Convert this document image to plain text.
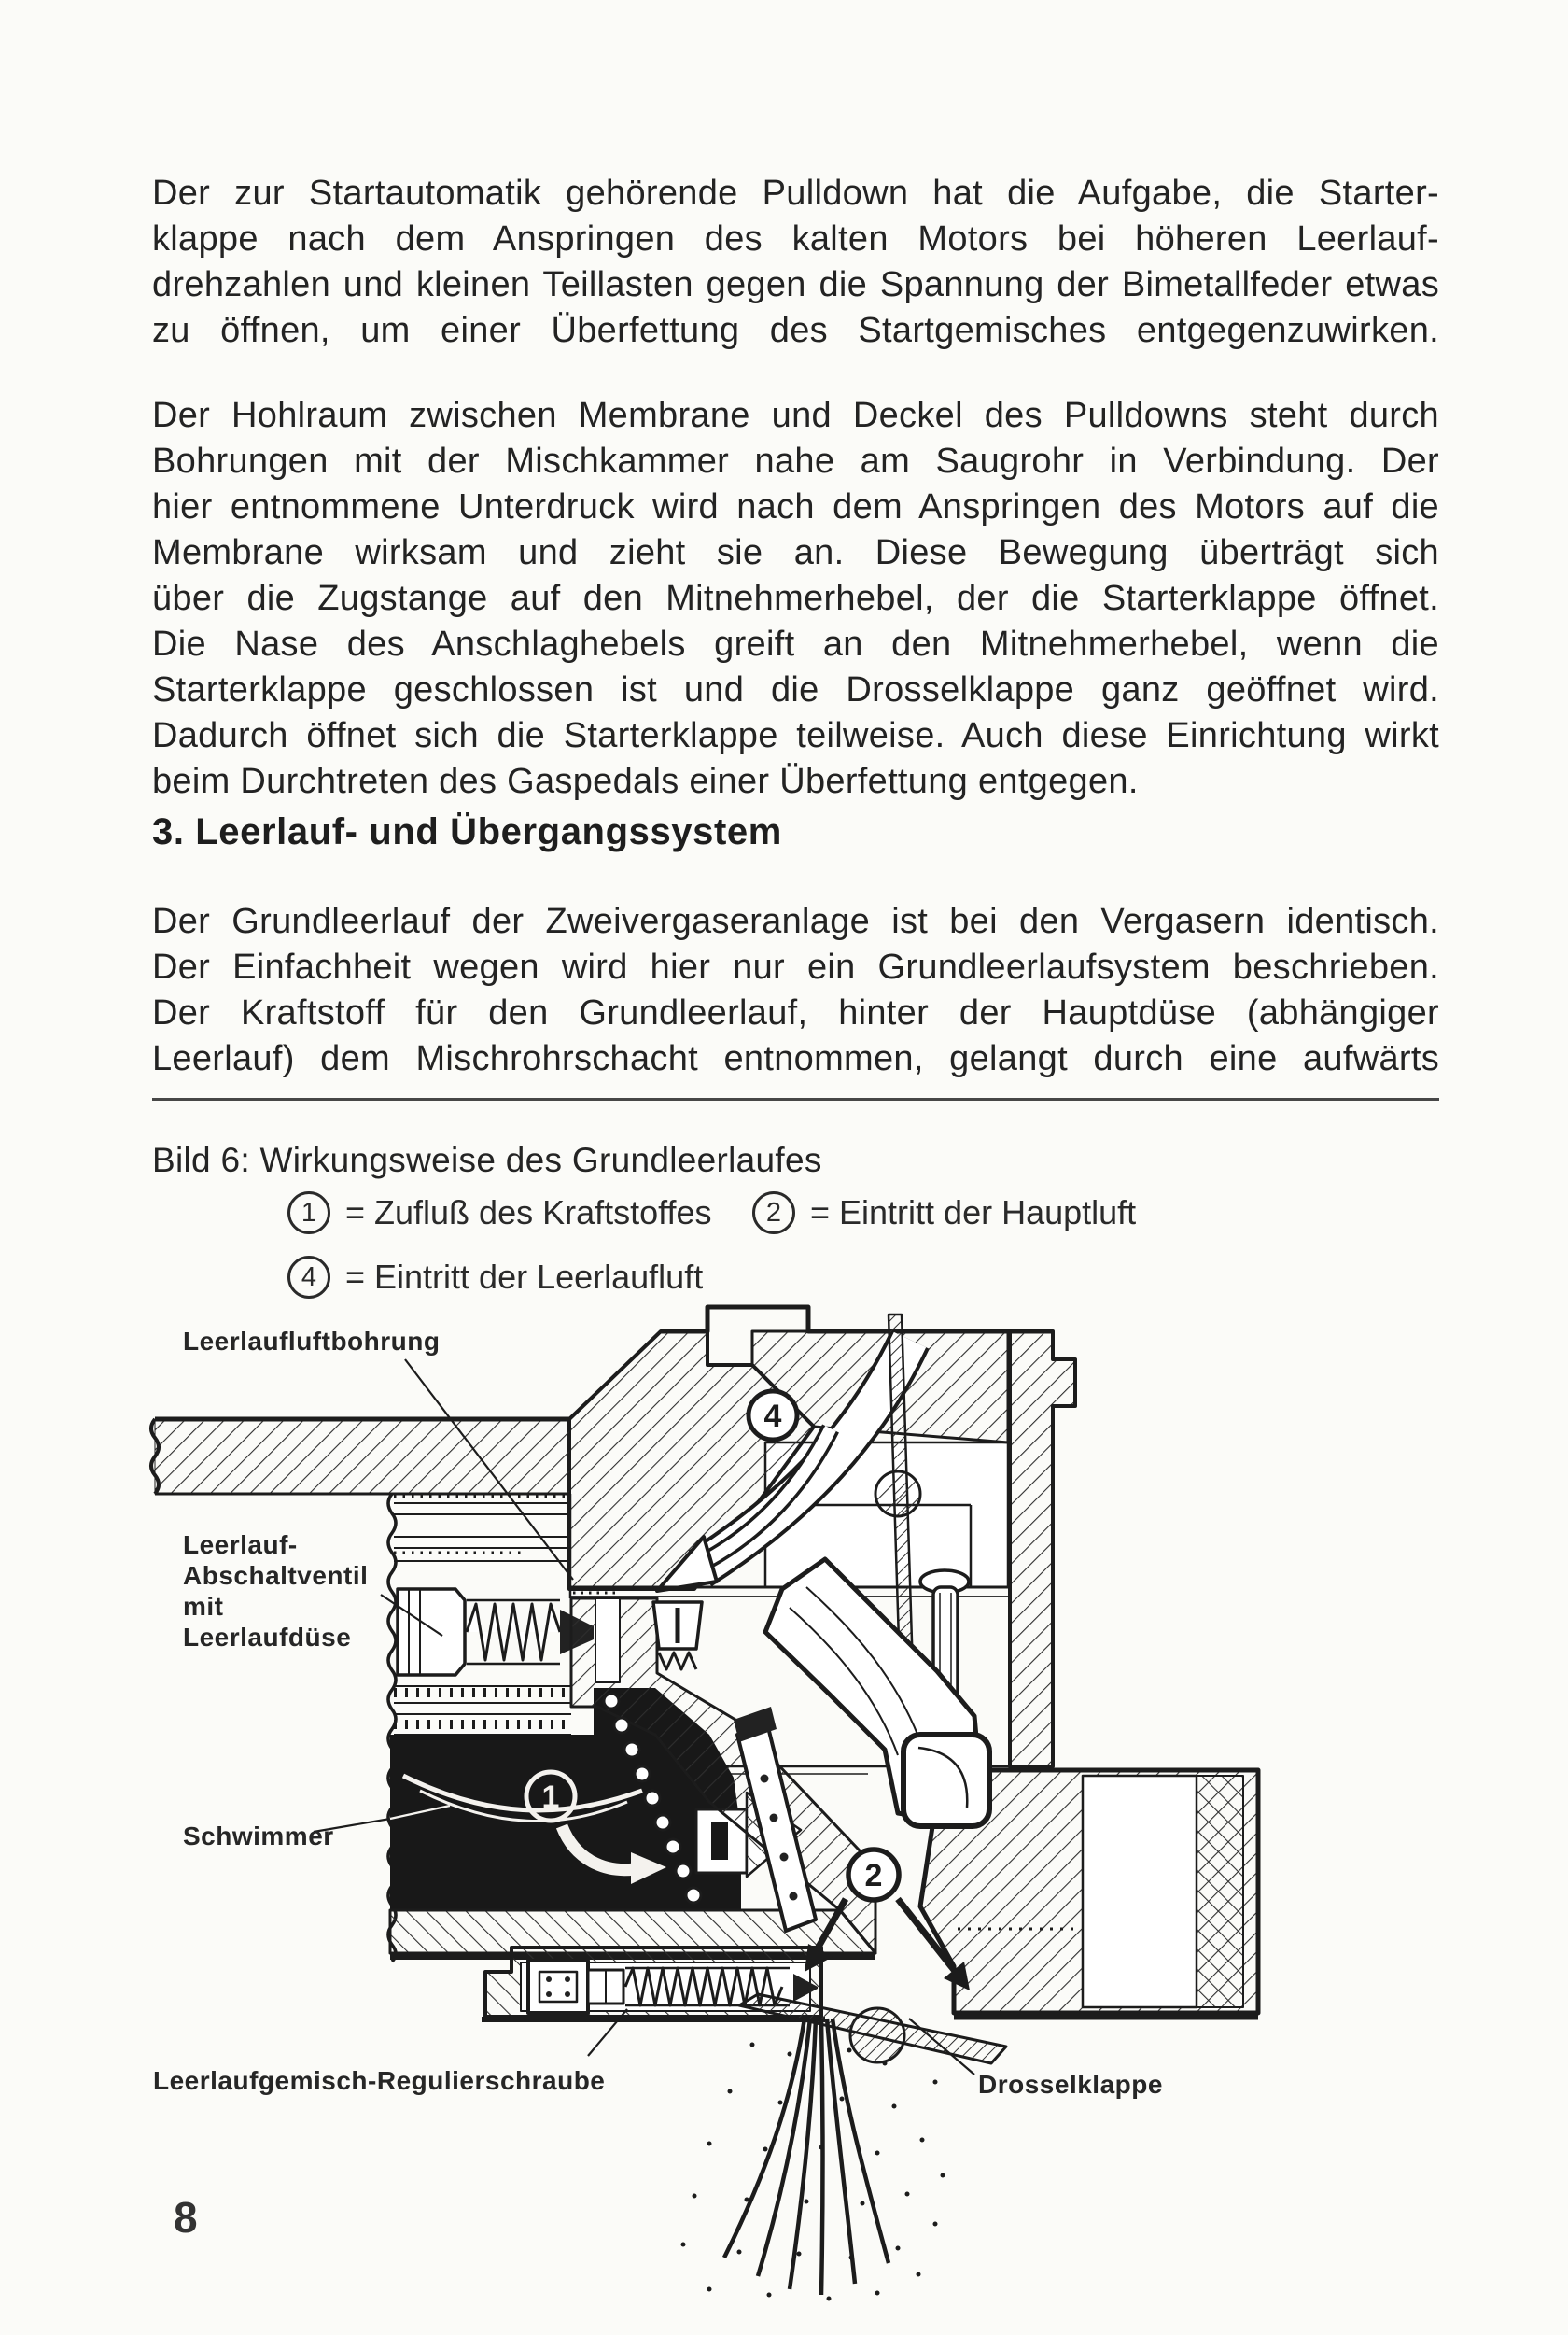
Der zur Startautomatik gehörende Pulldown hat die Aufgabe, die Starter-
klappe nach dem Anspringen des kalten Motors bei höheren Leerlauf-
drehzahlen und kleinen Teillasten gegen die Spannung der Bimetallfeder etwas
zu öffnen, um einer Überfettung des Startgemisches entgegenzuwirken.
Der Hohlraum zwischen Membrane und Deckel des Pulldowns steht durch
Bohrungen mit der Mischkammer nahe am Saugrohr in Verbindung. Der
hier entnommene Unterdruck wird nach dem Anspringen des Motors auf die
Membrane wirksam und zieht sie an. Diese Bewegung überträgt sich
über die Zugstange auf den Mitnehmerhebel, der die Starterklappe öffnet.
Die Nase des Anschlaghebels greift an den Mitnehmerhebel, wenn die
Starterklappe geschlossen ist und die Drosselklappe ganz geöffnet wird.
Dadurch öffnet sich die Starterklappe teilweise. Auch diese Einrichtung wirkt
beim Durchtreten des Gaspedals einer Überfettung entgegen.
3. Leerlauf- und Übergangssystem
Der Grundleerlauf der Zweivergaseranlage ist bei den Vergasern identisch.
Der Einfachheit wegen wird hier nur ein Grundleerlaufsystem beschrieben.
Der Kraftstoff für den Grundleerlauf, hinter der Hauptdüse (abhängiger
Leerlauf) dem Mischrohrschacht entnommen, gelangt durch eine aufwärts
Bild 6: Wirkungsweise des Grundleerlaufes
1 = Zufluß des Kraftstoffes	2 = Eintritt der Hauptluft
4 = Eintritt der Leerlaufluft
4
1
2
Leerlaufluftbohrung
Leerlauf-
Abschaltventil
mit
Leerlaufdüse
Schwimmer
Leerlaufgemisch-Regulierschraube	Drosselklappe
8
